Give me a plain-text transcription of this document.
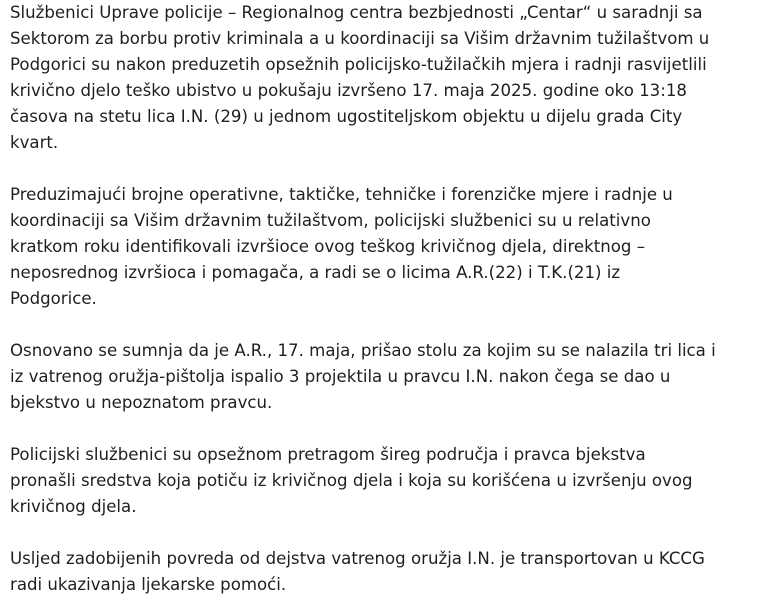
Službenici Uprave policije – Regionalnog centra bezbjednosti „Centar“ u saradnji sa
Sektorom za borbu protiv kriminala a u koordinaciji sa Višim državnim tužilaštvom u
Podgorici su nakon preduzetih opsežnih policijsko-tužilačkih mjera i radnji rasvijetlili
krivično djelo teško ubistvo u pokušaju izvršeno 17. maja 2025. godine oko 13:18
časova na stetu lica I.N. (29) u jednom ugostiteljskom objektu u dijelu grada City
kvart.

Preduzimajući brojne operativne, taktičke, tehničke i forenzičke mjere i radnje u
koordinaciji sa Višim državnim tužilaštvom, policijski službenici su u relativno
kratkom roku identifikovali izvršioce ovog teškog krivičnog djela, direktnog –
neposrednog izvršioca i pomagača, a radi se o licima A.R.(22) i T.K.(21) iz
Podgorice.

Osnovano se sumnja da je A.R., 17. maja, prišao stolu za kojim su se nalazila tri lica i
iz vatrenog oružja-pištolja ispalio 3 projektila u pravcu I.N. nakon čega se dao u
bjekstvo u nepoznatom pravcu.

Policijski službenici su opsežnom pretragom šireg područja i pravca bjekstva
pronašli sredstva koja potiču iz krivičnog djela i koja su korišćena u izvršenju ovog
krivičnog djela.

Usljed zadobijenih povreda od dejstva vatrenog oružja I.N. je transportovan u KCCG
radi ukazivanja ljekarske pomoći.
